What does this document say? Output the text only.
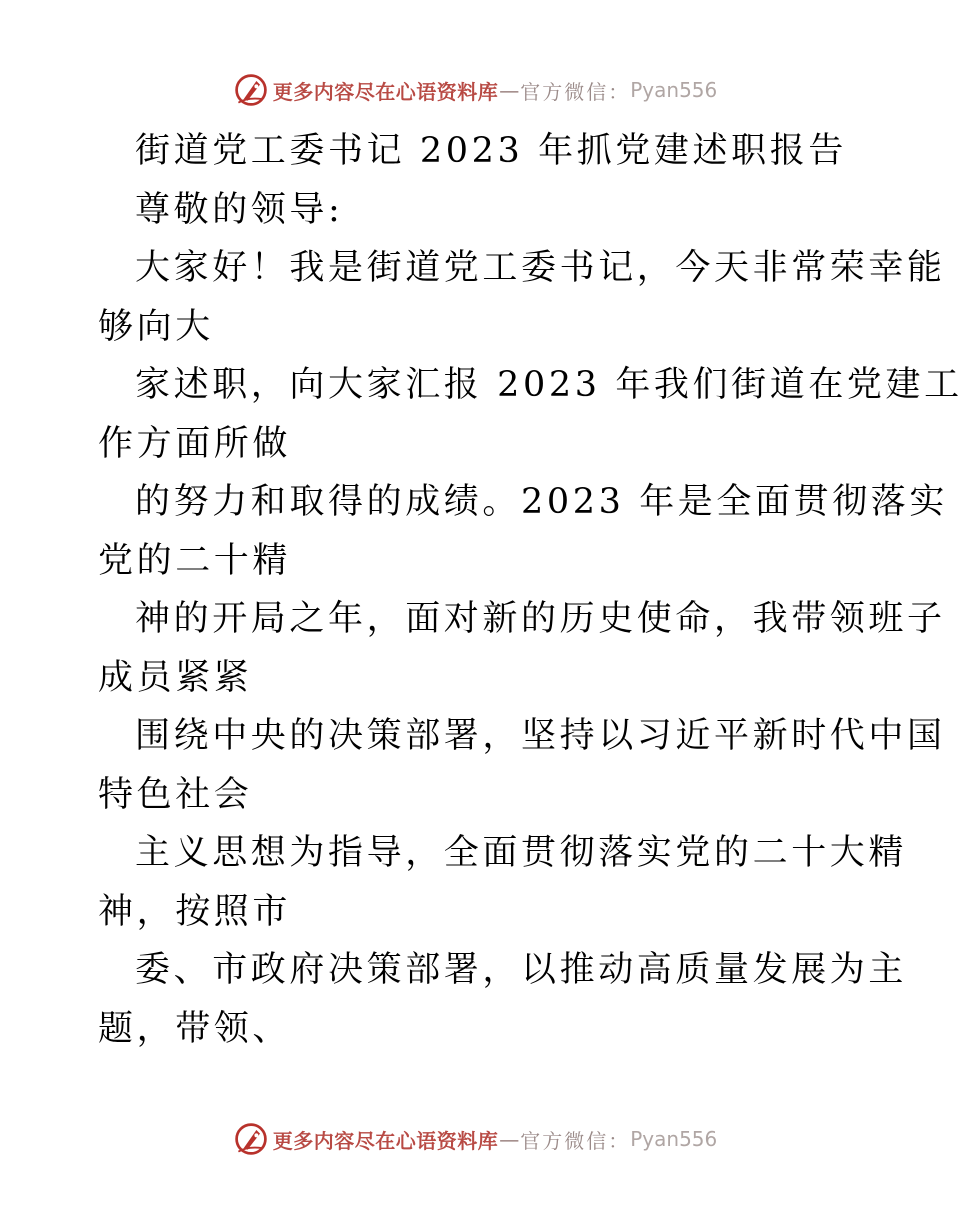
更多内容尽在心语资料库 — 官方微信： Pyan556
街道党工委书记 2023 年抓党建述职报告
尊敬的领导:
大家好！我是街道党工委书记，今天非常荣幸能
够向大
家述职，向大家汇报 2023 年我们街道在党建工
作方面所做
的努力和取得的成绩。2023 年是全面贯彻落实
党的二十精
神的开局之年，面对新的历史使命，我带领班子
成员紧紧
围绕中央的决策部署，坚持以习近平新时代中国
特色社会
主义思想为指导，全面贯彻落实党的二十大精
神，按照市
委、市政府决策部署，以推动高质量发展为主
题，带领、
更多内容尽在心语资料库 — 官方微信： Pyan556
